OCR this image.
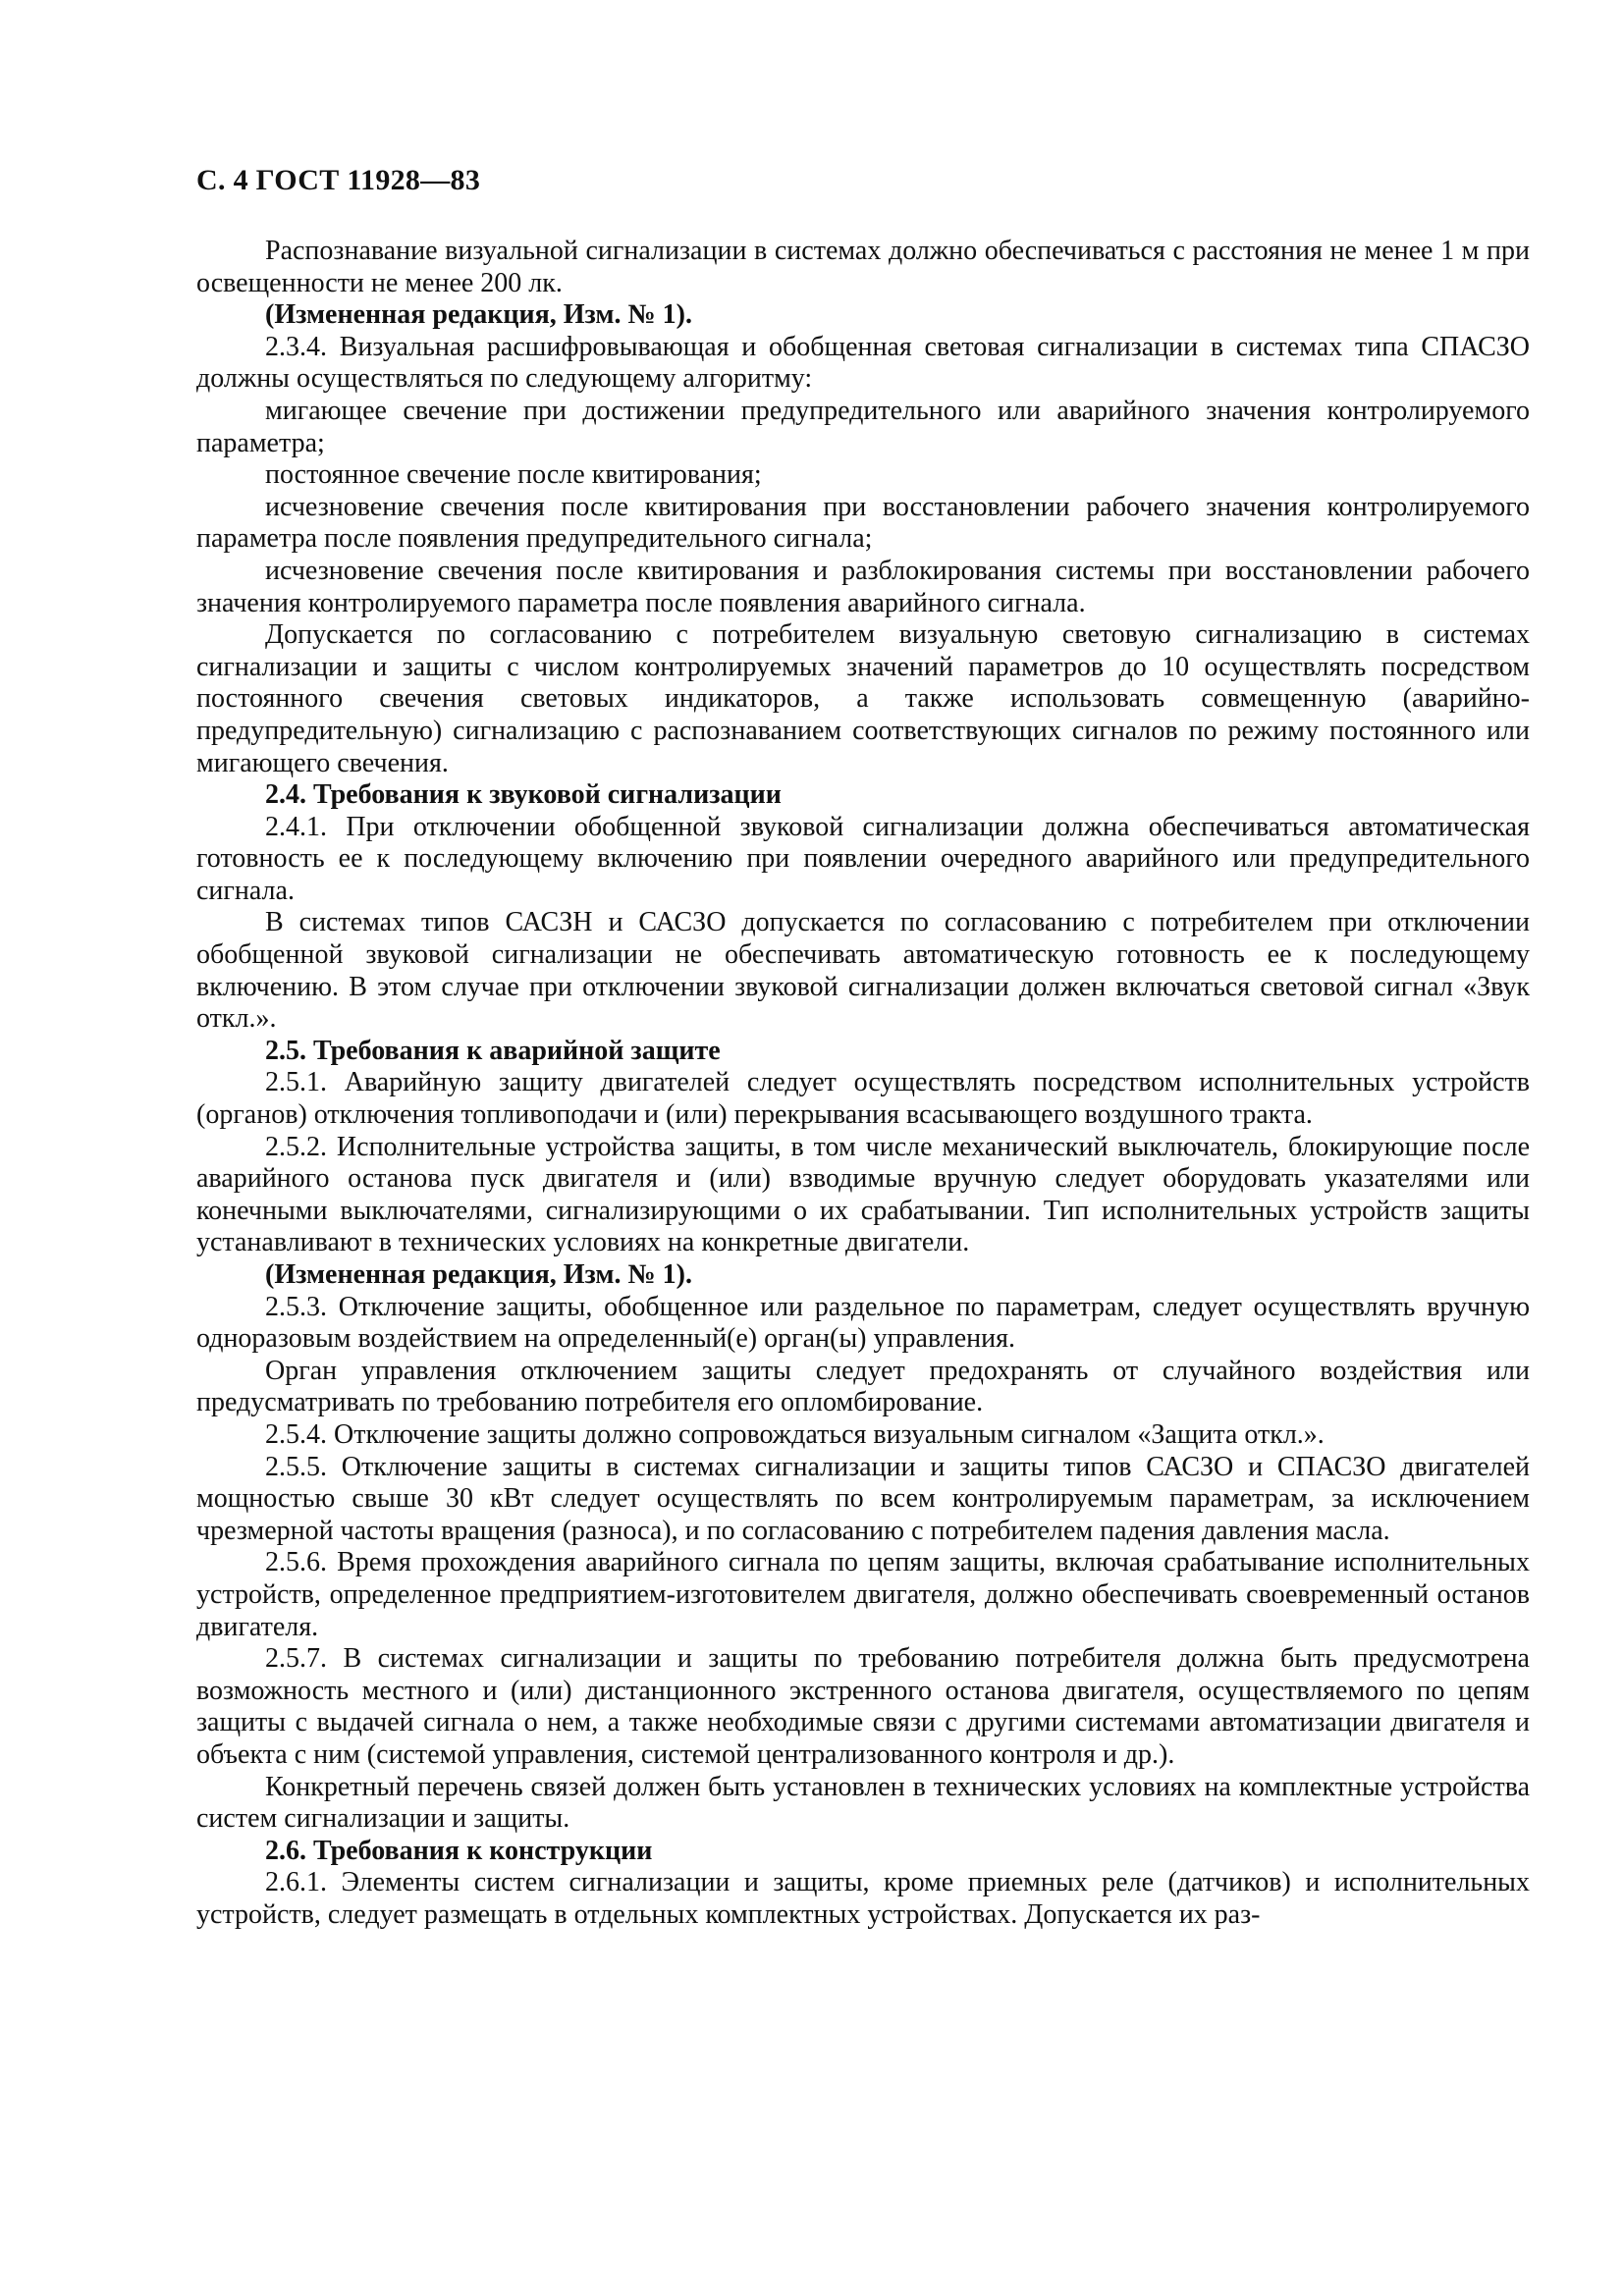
С. 4 ГОСТ 11928—83

Распознавание визуальной сигнализации в системах должно обеспечиваться с расстояния не менее 1 м при освещенности не менее 200 лк.

(Измененная редакция, Изм. № 1).

2.3.4. Визуальная расшифровывающая и обобщенная световая сигнализации в системах типа СПАСЗО должны осуществляться по следующему алгоритму:

мигающее свечение при достижении предупредительного или аварийного значения контролируемого параметра;

постоянное свечение после квитирования;

исчезновение свечения после квитирования при восстановлении рабочего значения контролируемого параметра после появления предупредительного сигнала;

исчезновение свечения после квитирования и разблокирования системы при восстановлении рабочего значения контролируемого параметра после появления аварийного сигнала.

Допускается по согласованию с потребителем визуальную световую сигнализацию в системах сигнализации и защиты с числом контролируемых значений параметров до 10 осуществлять посредством постоянного свечения световых индикаторов, а также использовать совмещенную (аварийно-предупредительную) сигнализацию с распознаванием соответствующих сигналов по режиму постоянного или мигающего свечения.

2.4. Требования к звуковой сигнализации

2.4.1. При отключении обобщенной звуковой сигнализации должна обеспечиваться автоматическая готовность ее к последующему включению при появлении очередного аварийного или предупредительного сигнала.

В системах типов САСЗН и САСЗО допускается по согласованию с потребителем при отключении обобщенной звуковой сигнализации не обеспечивать автоматическую готовность ее к последующему включению. В этом случае при отключении звуковой сигнализации должен включаться световой сигнал «Звук откл.».

2.5. Требования к аварийной защите

2.5.1. Аварийную защиту двигателей следует осуществлять посредством исполнительных устройств (органов) отключения топливоподачи и (или) перекрывания всасывающего воздушного тракта.

2.5.2. Исполнительные устройства защиты, в том числе механический выключатель, блокирующие после аварийного останова пуск двигателя и (или) взводимые вручную следует оборудовать указателями или конечными выключателями, сигнализирующими о их срабатывании. Тип исполнительных устройств защиты устанавливают в технических условиях на конкретные двигатели.

(Измененная редакция, Изм. № 1).

2.5.3. Отключение защиты, обобщенное или раздельное по параметрам, следует осуществлять вручную одноразовым воздействием на определенный(е) орган(ы) управления.

Орган управления отключением защиты следует предохранять от случайного воздействия или предусматривать по требованию потребителя его опломбирование.

2.5.4. Отключение защиты должно сопровождаться визуальным сигналом «Защита откл.».

2.5.5. Отключение защиты в системах сигнализации и защиты типов САСЗО и СПАСЗО двигателей мощностью свыше 30 кВт следует осуществлять по всем контролируемым параметрам, за исключением чрезмерной частоты вращения (разноса), и по согласованию с потребителем падения давления масла.

2.5.6. Время прохождения аварийного сигнала по цепям защиты, включая срабатывание исполнительных устройств, определенное предприятием-изготовителем двигателя, должно обеспечивать своевременный останов двигателя.

2.5.7. В системах сигнализации и защиты по требованию потребителя должна быть предусмотрена возможность местного и (или) дистанционного экстренного останова двигателя, осуществляемого по цепям защиты с выдачей сигнала о нем, а также необходимые связи с другими системами автоматизации двигателя и объекта с ним (системой управления, системой централизованного контроля и др.).

Конкретный перечень связей должен быть установлен в технических условиях на комплектные устройства систем сигнализации и защиты.

2.6. Требования к конструкции

2.6.1. Элементы систем сигнализации и защиты, кроме приемных реле (датчиков) и исполнительных устройств, следует размещать в отдельных комплектных устройствах. Допускается их раз-
